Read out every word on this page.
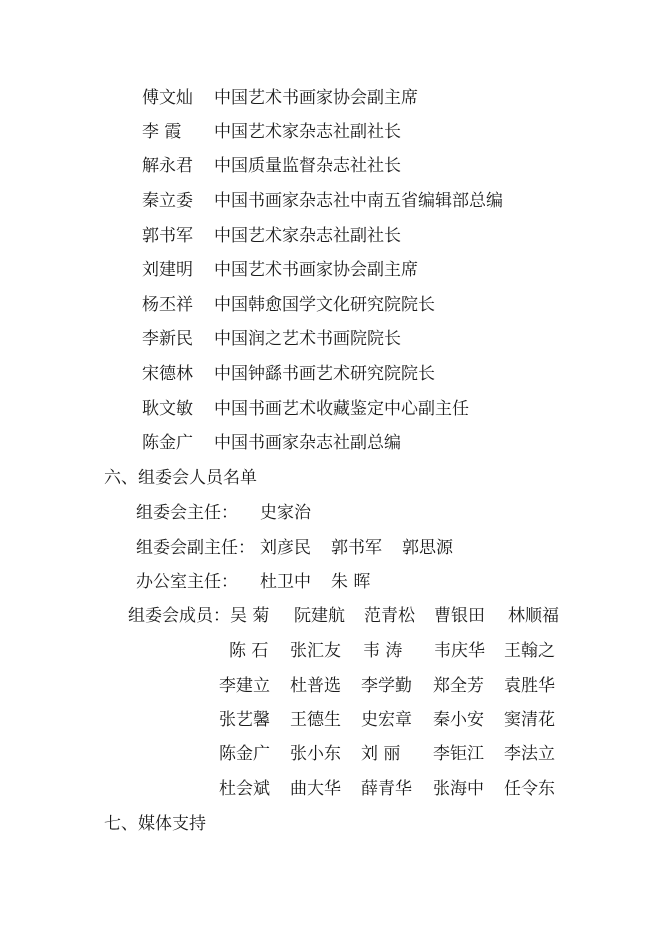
傅文灿 中国艺术书画家协会副主席
李 霞 中国艺术家杂志社副社长
解永君 中国质量监督杂志社社长
秦立委 中国书画家杂志社中南五省编辑部总编
郭书军 中国艺术家杂志社副社长
刘建明 中国艺术书画家协会副主席
杨丕祥 中国韩愈国学文化研究院院长
李新民 中国润之艺术书画院院长
宋德林 中国钟繇书画艺术研究院院长
耿文敏 中国书画艺术收藏鉴定中心副主任
陈金广 中国书画家杂志社副总编
六、组委会人员名单
组委会主任： 史家治
组委会副主任： 刘彦民 郭书军 郭思源
办公室主任： 杜卫中 朱 晖
组委会成员： 吴 菊 阮建航 范青松 曹银田 林顺福
陈 石 张汇友 韦 涛 韦庆华 王翰之
李建立 杜普选 李学勤 郑全芳 袁胜华
张艺馨 王德生 史宏章 秦小安 窦清花
陈金广 张小东 刘 丽 李钜江 李法立
杜会斌 曲大华 薛青华 张海中 任令东
七、媒体支持
